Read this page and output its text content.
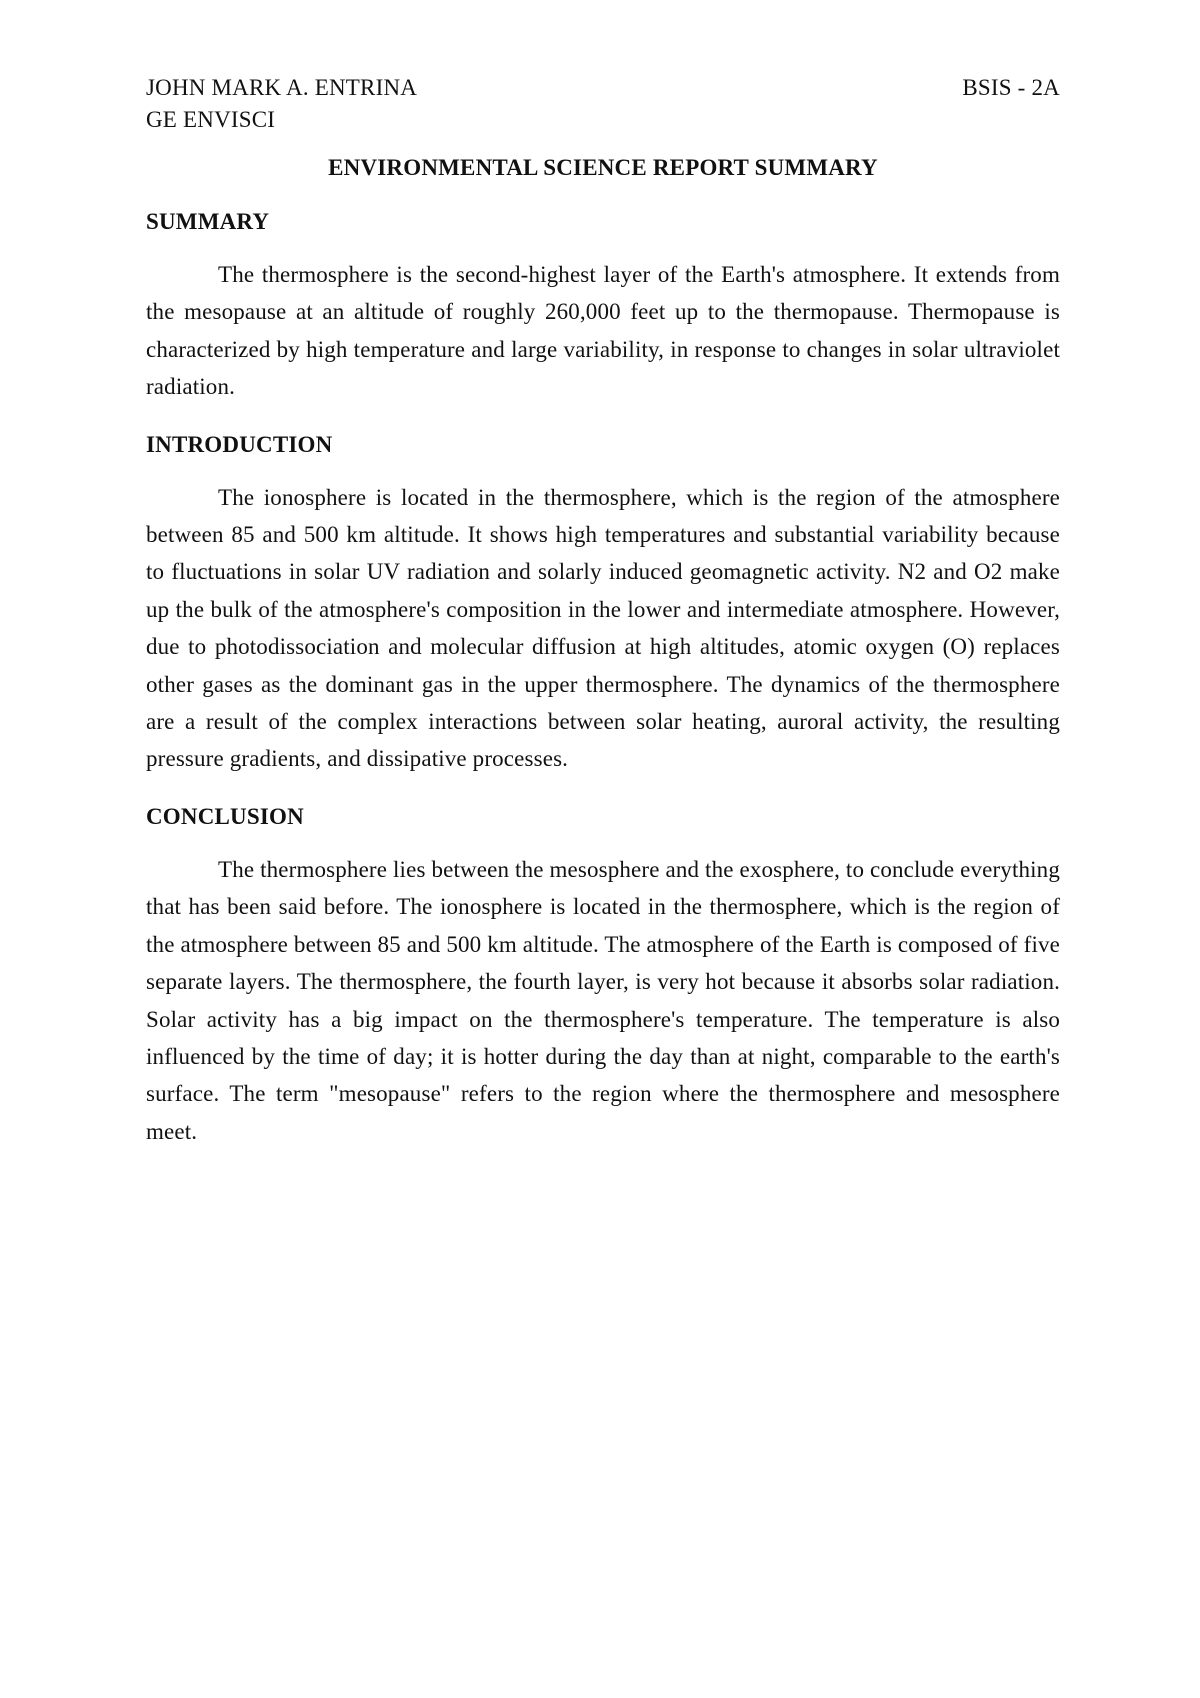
JOHN MARK A. ENTRINA	BSIS - 2A
GE ENVISCI
ENVIRONMENTAL SCIENCE REPORT SUMMARY
SUMMARY

The thermosphere is the second-highest layer of the Earth's atmosphere. It extends from the mesopause at an altitude of roughly 260,000 feet up to the thermopause. Thermopause is characterized by high temperature and large variability, in response to changes in solar ultraviolet radiation.

INTRODUCTION

The ionosphere is located in the thermosphere, which is the region of the atmosphere between 85 and 500 km altitude. It shows high temperatures and substantial variability because to fluctuations in solar UV radiation and solarly induced geomagnetic activity. N2 and O2 make up the bulk of the atmosphere's composition in the lower and intermediate atmosphere. However, due to photodissociation and molecular diffusion at high altitudes, atomic oxygen (O) replaces other gases as the dominant gas in the upper thermosphere. The dynamics of the thermosphere are a result of the complex interactions between solar heating, auroral activity, the resulting pressure gradients, and dissipative processes.

CONCLUSION

The thermosphere lies between the mesosphere and the exosphere, to conclude everything that has been said before. The ionosphere is located in the thermosphere, which is the region of the atmosphere between 85 and 500 km altitude. The atmosphere of the Earth is composed of five separate layers. The thermosphere, the fourth layer, is very hot because it absorbs solar radiation. Solar activity has a big impact on the thermosphere's temperature. The temperature is also influenced by the time of day; it is hotter during the day than at night, comparable to the earth's surface. The term "mesopause" refers to the region where the thermosphere and mesosphere meet.
